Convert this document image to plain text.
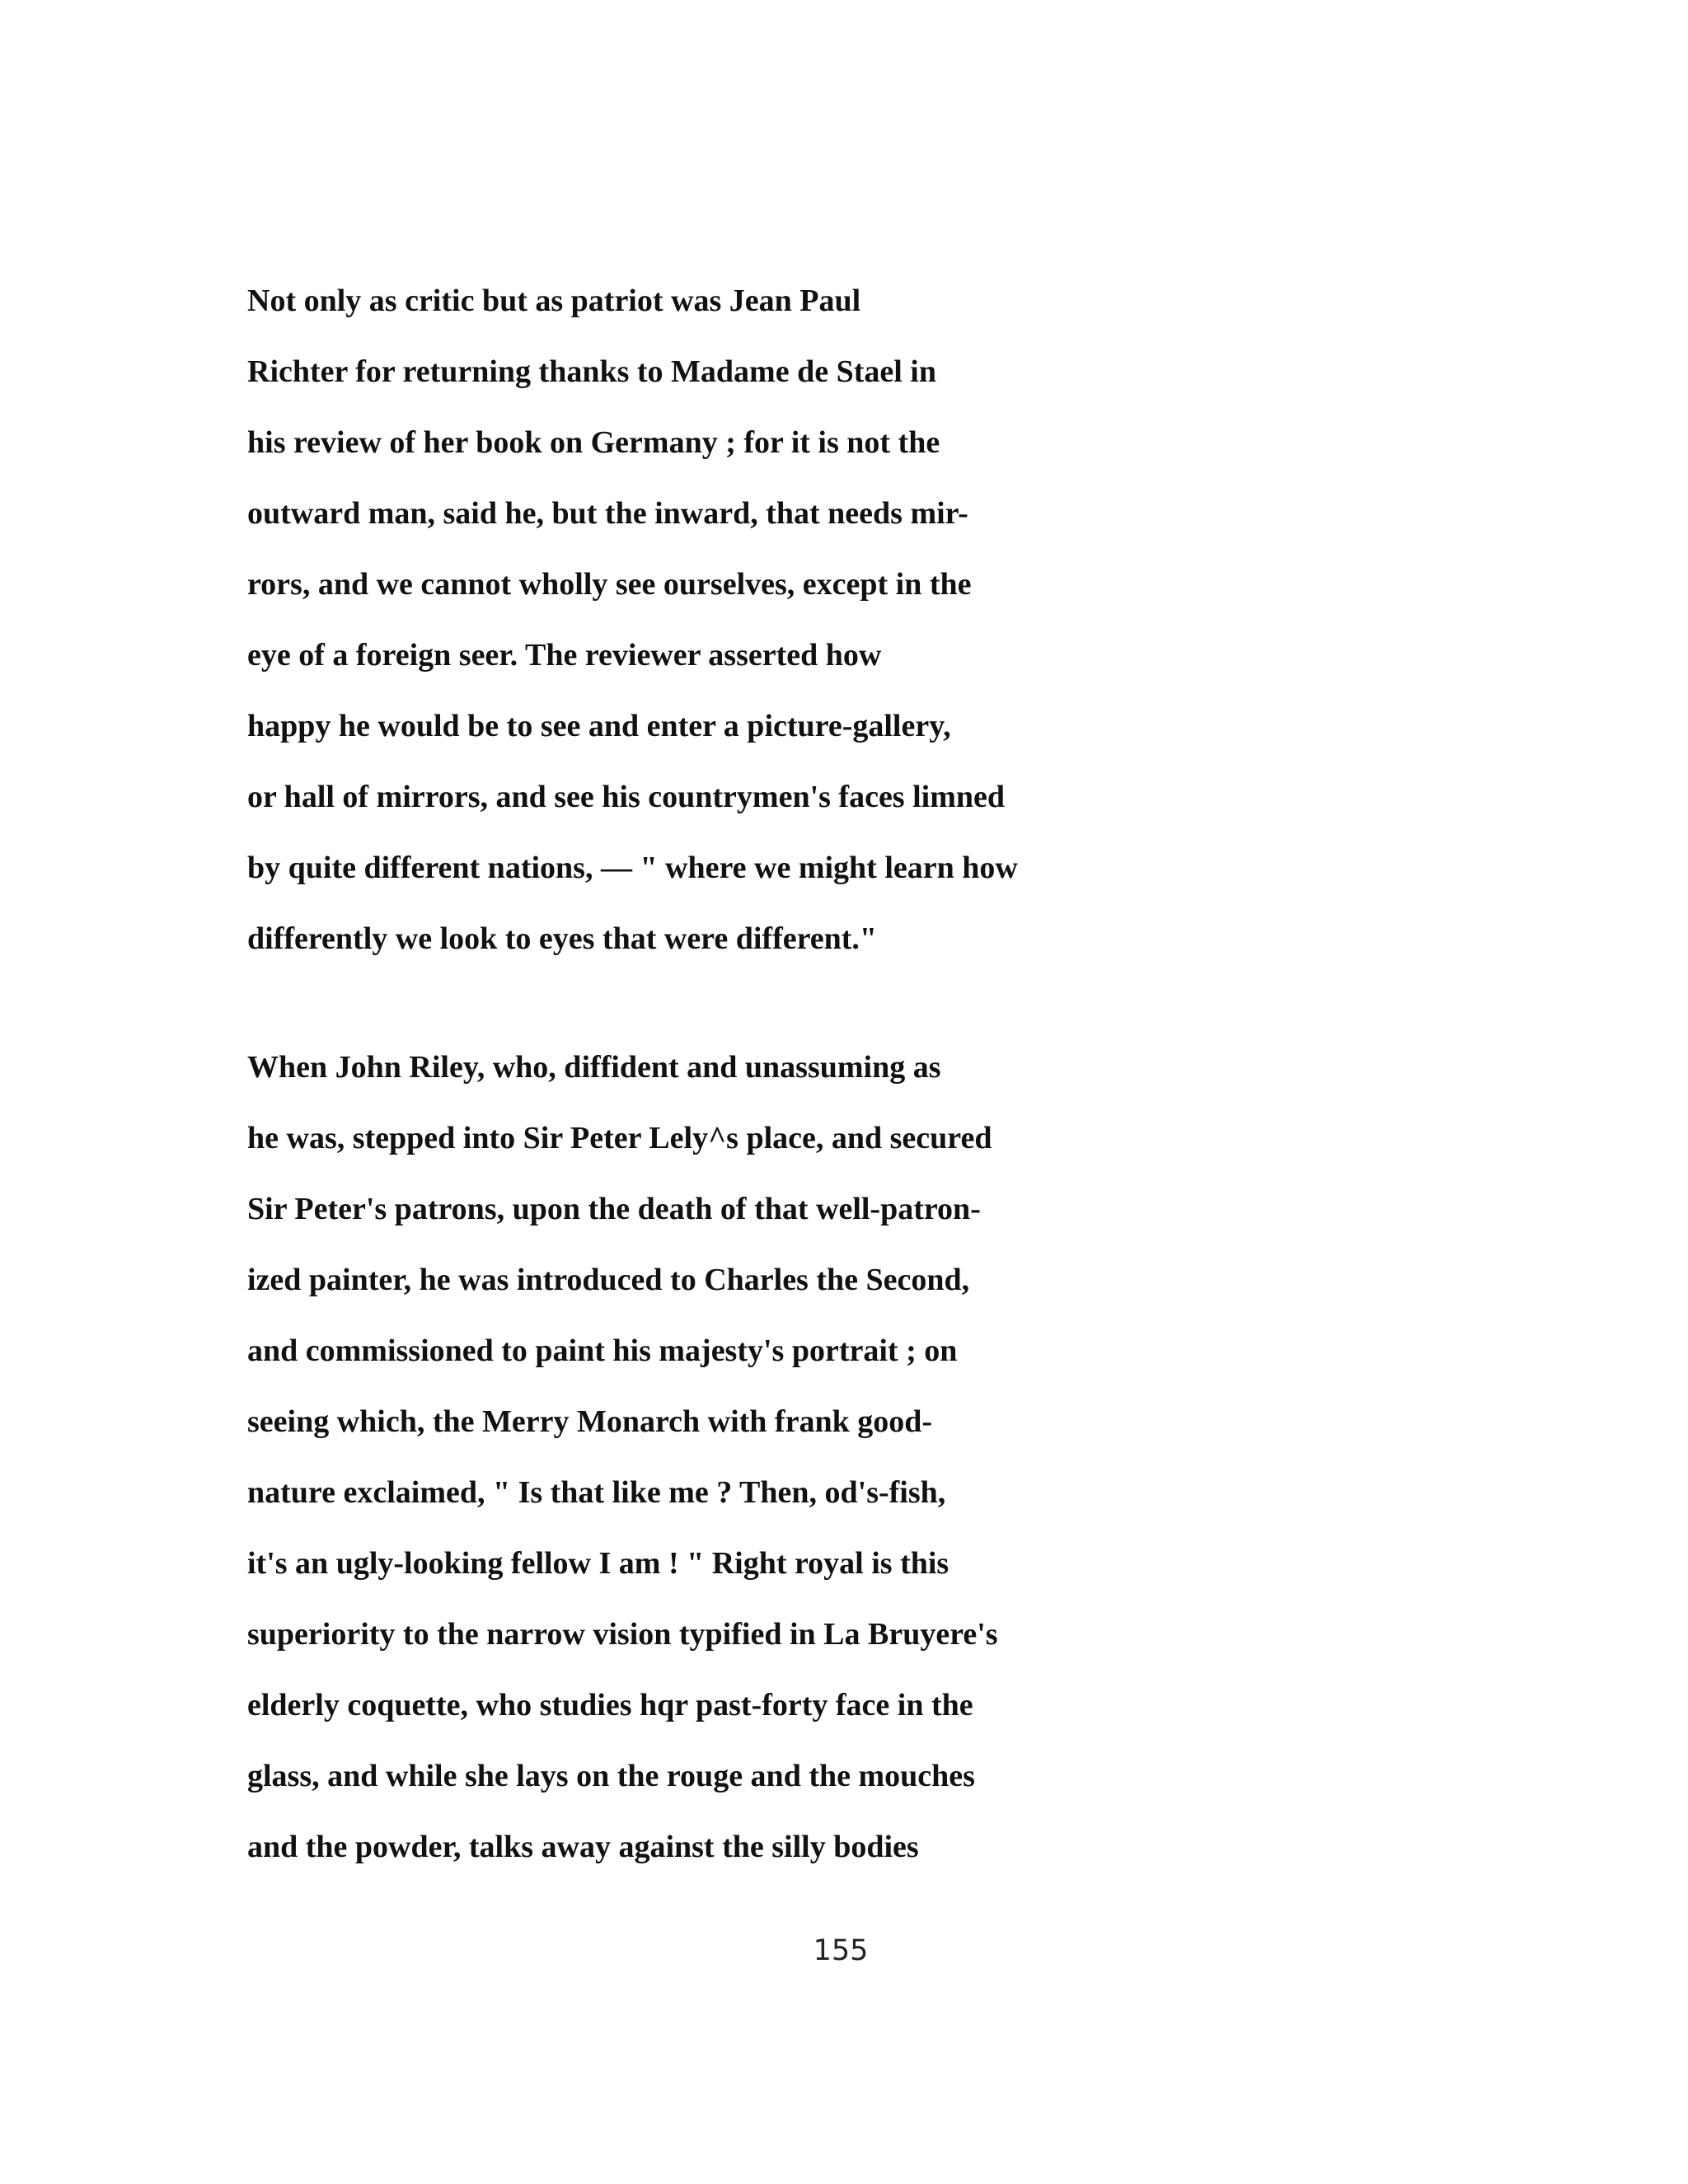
Not only as critic but as patriot was Jean Paul
Richter for returning thanks to Madame de Stael in
his review of her book on Germany ; for it is not the
outward man, said he, but the inward, that needs mir-
rors, and we cannot wholly see ourselves, except in the
eye of a foreign seer. The reviewer asserted how
happy he would be to see and enter a picture-gallery,
or hall of mirrors, and see his countrymen's faces limned
by quite different nations, — " where we might learn how
differently we look to eyes that were different."
When John Riley, who, diffident and unassuming as
he was, stepped into Sir Peter Lely^s place, and secured
Sir Peter's patrons, upon the death of that well-patron-
ized painter, he was introduced to Charles the Second,
and commissioned to paint his majesty's portrait ; on
seeing which, the Merry Monarch with frank good-
nature exclaimed, " Is that like me ? Then, od's-fish,
it's an ugly-looking fellow I am ! " Right royal is this
superiority to the narrow vision typified in La Bruyere's
elderly coquette, who studies hqr past-forty face in the
glass, and while she lays on the rouge and the mouches
and the powder, talks away against the silly bodies
155
